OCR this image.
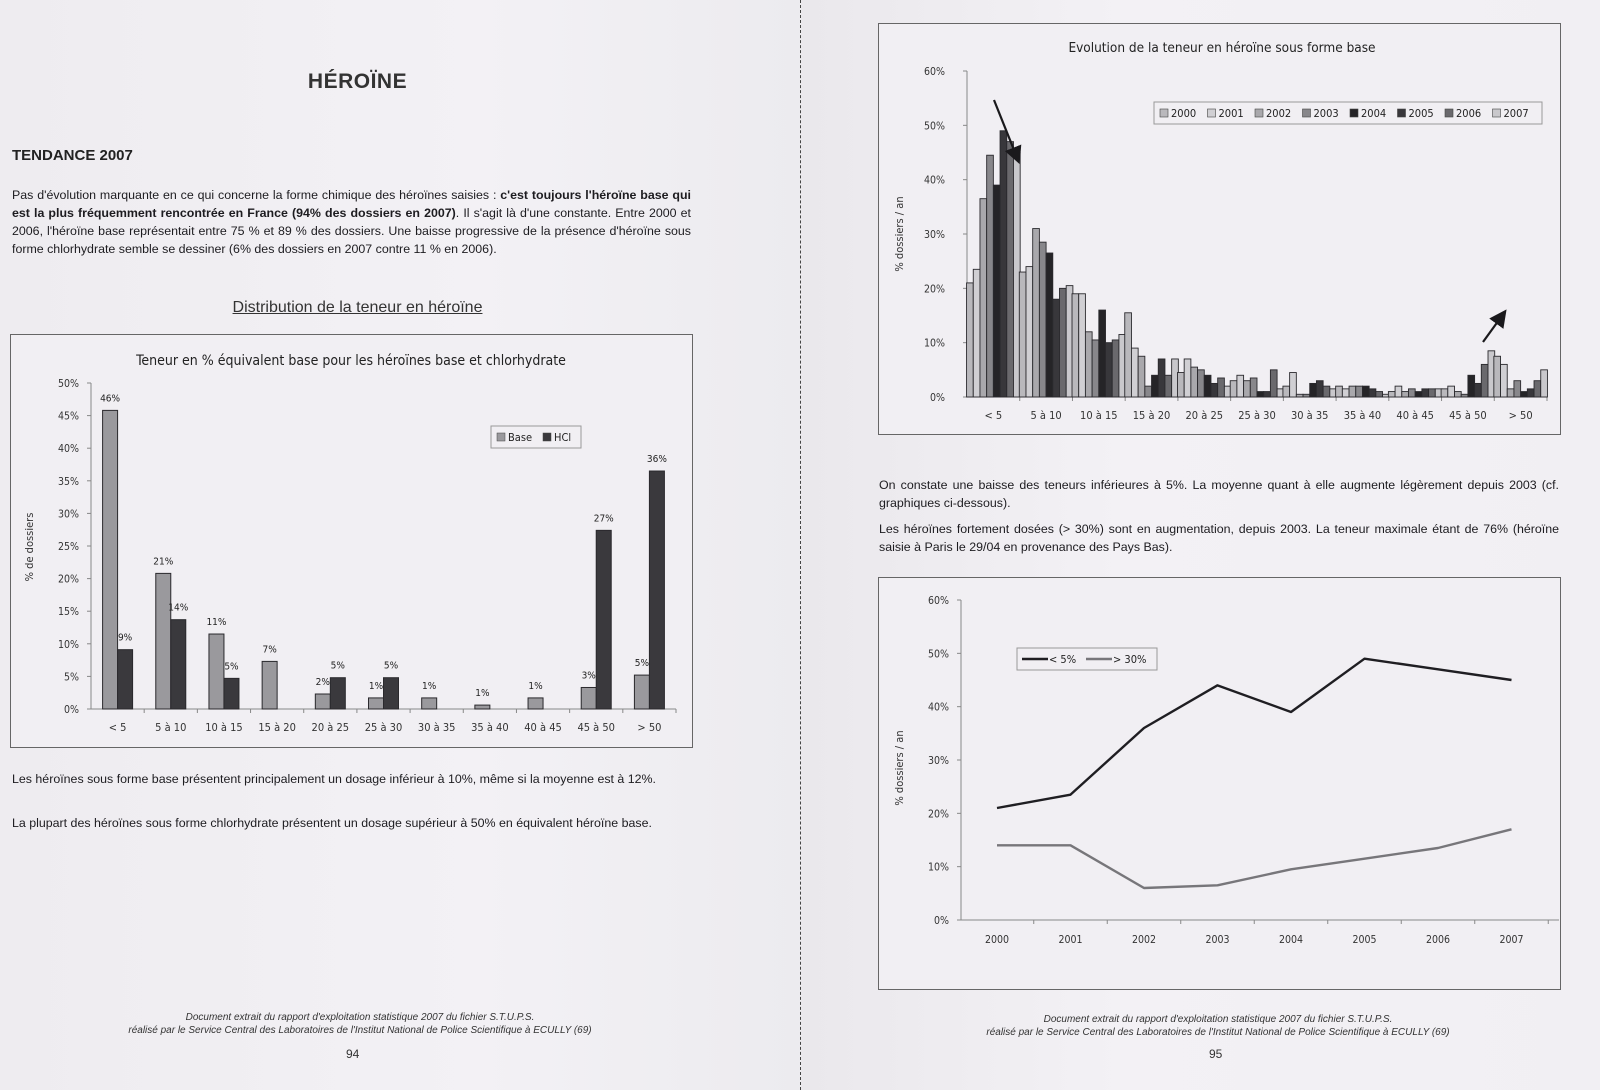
HÉROÏNE
TENDANCE 2007
Pas d'évolution marquante en ce qui concerne la forme chimique des héroïnes saisies : c'est toujours l'héroïne base qui est la plus fréquemment rencontrée en France (94% des dossiers en 2007). Il s'agit là d'une constante. Entre 2000 et 2006, l'héroïne base représentait entre 75 % et 89 % des dossiers. Une baisse progressive de la présence d'héroïne sous forme chlorhydrate semble se dessiner (6% des dossiers en 2007 contre 11 % en 2006).
Distribution de la teneur en héroïne
Teneur en % équivalent base pour les héroïnes base et chlorhydrate
% de dossiers
0%
5%
10%
15%
20%
25%
30%
35%
40%
45%
50%
< 5
46%
9%
5 à 10
21%
14%
10 à 15
11%
5%
15 à 20
7%
20 à 25
2%
5%
25 à 30
1%
5%
30 à 35
1%
35 à 40
1%
40 à 45
1%
45 à 50
3%
27%
> 50
5%
36%
Base HCl
Les héroïnes sous forme base présentent principalement un dosage inférieur à 10%, même si la moyenne est à 12%.
La plupart des héroïnes sous forme chlorhydrate présentent un dosage supérieur à 50% en équivalent héroïne base.
Document extrait du rapport d'exploitation statistique 2007 du fichier S.T.U.P.S.
réalisé par le Service Central des Laboratoires de l'Institut National de Police Scientifique à ECULLY (69)
94
Evolution de la teneur en héroïne sous forme base
% dossiers / an
0%
10%
20%
30%
40%
50%
60%
< 5	5 à 10 10 à 15 15 à 20 20 à 25 25 à 30 30 à 35 35 à 40 40 à 45 45 à 50 > 50
2000 2001 2002 2003 2004 2005 2006 2007
On constate une baisse des teneurs inférieures à 5%. La moyenne quant à elle augmente légèrement depuis 2003 (cf. graphiques ci-dessous).
Les héroïnes fortement dosées (> 30%) sont en augmentation, depuis 2003. La teneur maximale étant de 76% (héroïne saisie à Paris le 29/04 en provenance des Pays Bas).
% dossiers / an
0%
10%
20%
30%
40%
50%
60%
2000	2001	2002	2003	2004	2005	2006	2007
< 5%	> 30%
Document extrait du rapport d'exploitation statistique 2007 du fichier S.T.U.P.S.
réalisé par le Service Central des Laboratoires de l'Institut National de Police Scientifique à ECULLY (69)
95
